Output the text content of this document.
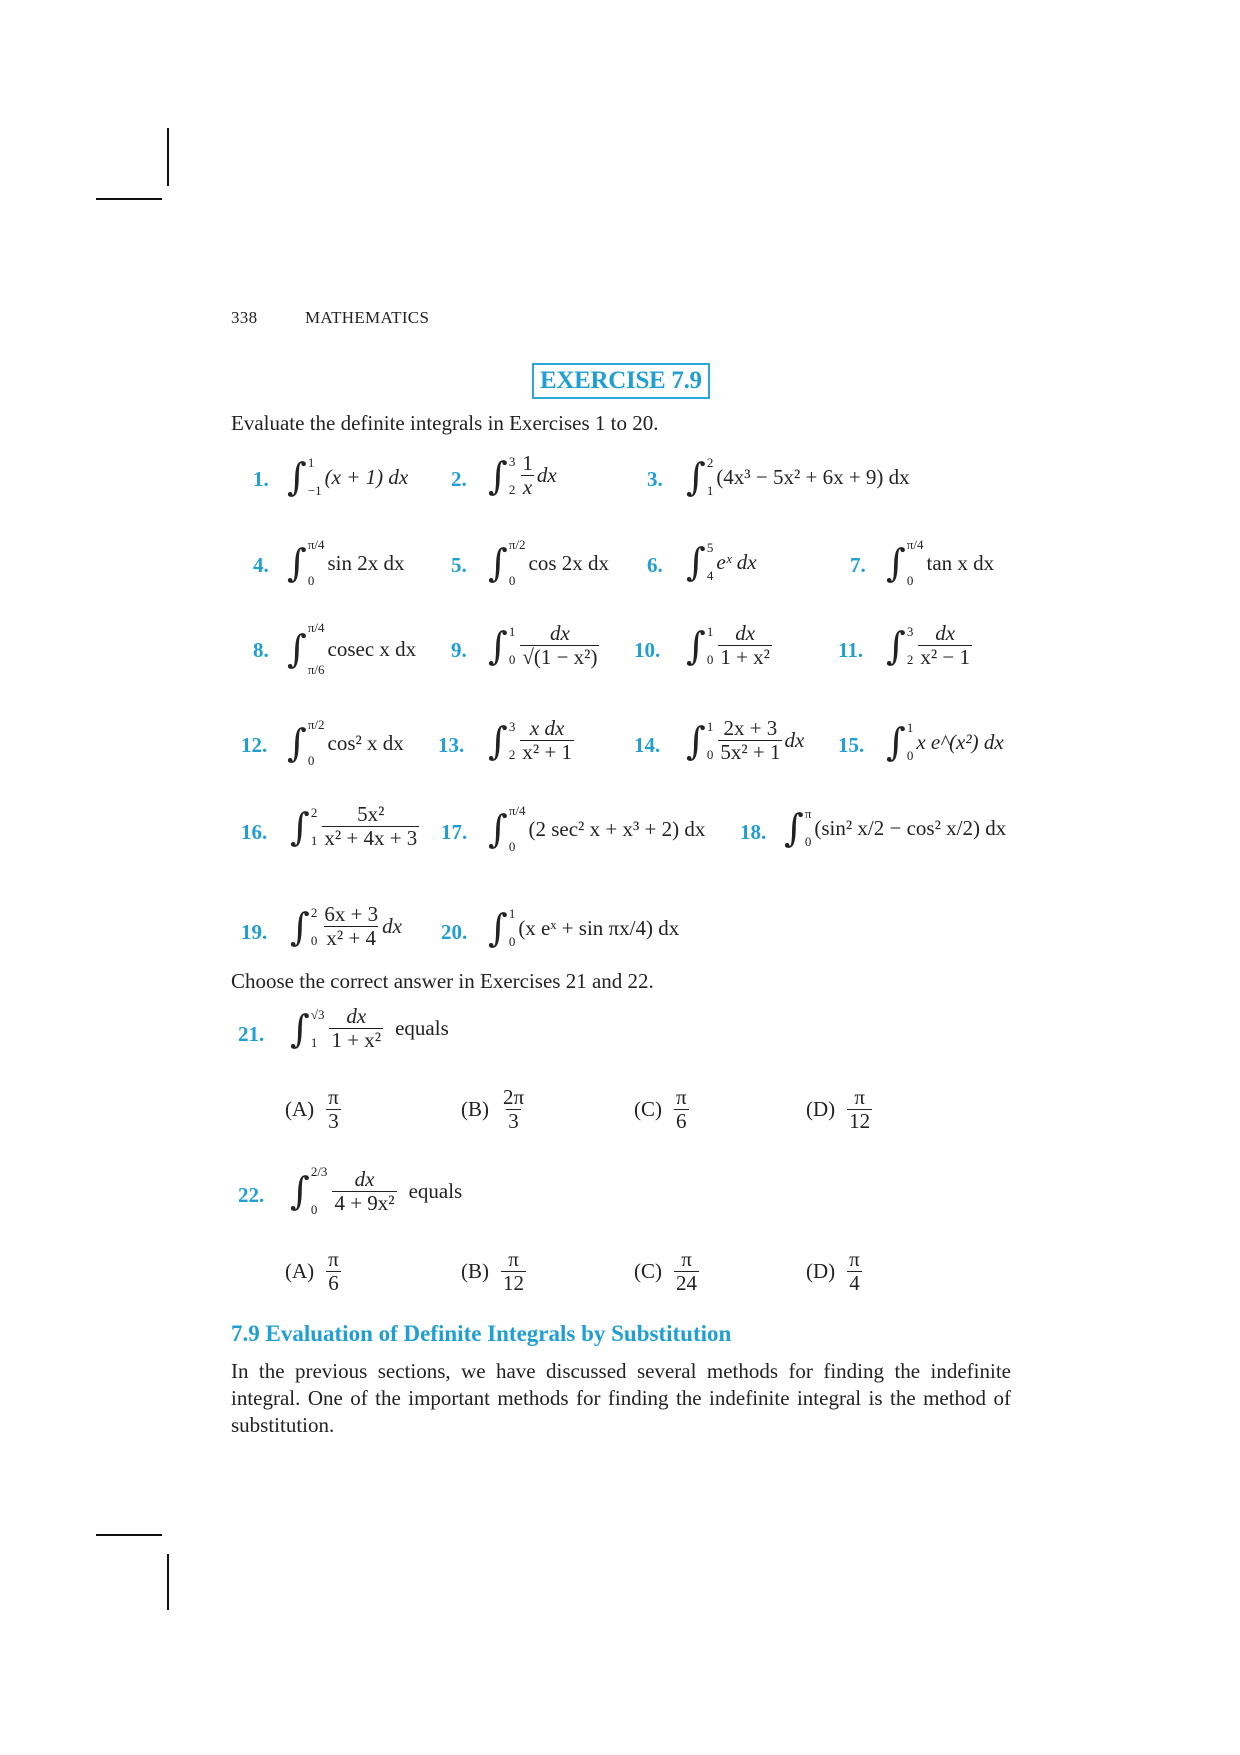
338	MATHEMATICS
EXERCISE 7.9
Evaluate the definite integrals in Exercises 1 to 20.
1. ∫ 1
−1
(x + 1) dx 2. ∫ 3
$2 \frac{1}{x}$ dx	3. ∫ 2
1
(4x³ − 5x² + 6x + 9) dx
4. ∫ π/4
0
sin 2x dx 5. ∫ π/2
0
cos 2x dx 6. ∫ 5
4
eˣ dx	7. ∫ π/4
0
tan x dx
8. ∫ π/4
π/6
cosec x dx 9. ∫ 1
$0 \frac{dx}{\text{√(1 − x²)}} 10$. ∫ 1
$0 \frac{dx}{\text{1 + x²}}$	11. ∫ 3
$2 \frac{dx}{\text{x² − 1}}$
12. ∫ π/2
0
cos² x dx 13. ∫ 3
$2 \frac{\text{x dx}}{\text{x² + 1}}$	14. ∫ 1
$0 \frac{2x + 3}{\text{5x² + 1}}$ dx 15. ∫ 1
0
x e^(x²) dx
16. ∫ 2
$1 \frac{\text{5x²}}{\text{x² + 4x + 3}} 17$. ∫ π/4
0
(2 sec² x + x³ + 2) dx 18. ∫ π
0
(sin² x/2 − cos² x/2) dx
19. ∫ 2
$0 \frac{6x + 3}{\text{x² + 4}}$ dx 20. ∫ 1
0
(x eˣ + sin πx/4) dx
Choose the correct answer in Exercises 21 and 22.
21. ∫ √3
$1 \frac{dx}{\text{1 + x²}}$ equals
$(A) \frac{\pi}{3}$	$(B) \frac{2\pi}{3}$	$(C) \frac{\pi}{6}$	$(D) \frac{\pi}{12}$
22. ∫ 2/3
$0 \frac{dx}{\text{4 + 9x²}}$ equals
$(A) \frac{\pi}{6}$	$(B) \frac{\pi}{12}$	$(C) \frac{\pi}{24}$	$(D) \frac{\pi}{4}$
7.9 Evaluation of Definite Integrals by Substitution
In the previous sections, we have discussed several methods for finding the indefinite integral. One of the important methods for finding the indefinite integral is the method of substitution.
